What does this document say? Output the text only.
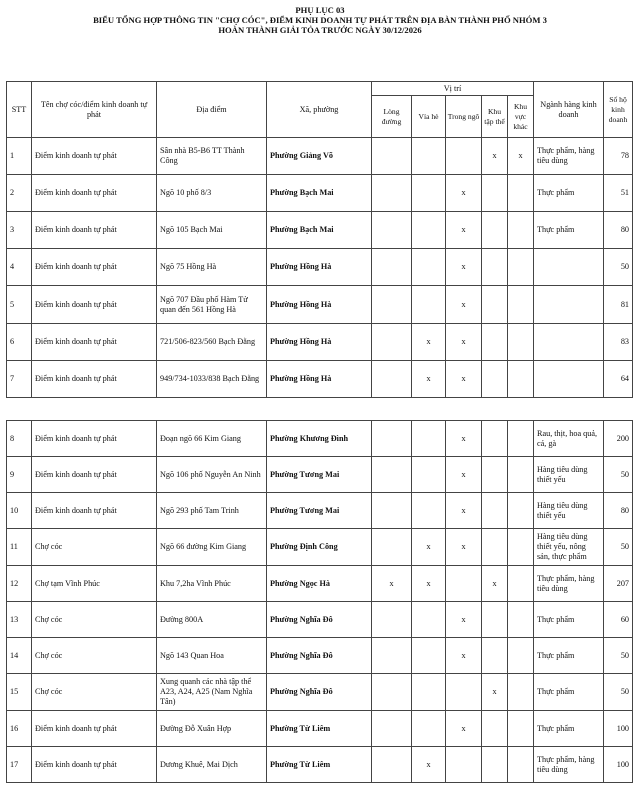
PHỤ LỤC 03
BIỂU TỔNG HỢP THÔNG TIN "CHỢ CÓC", ĐIỂM KINH DOANH TỰ PHÁT TRÊN ĐỊA BÀN THÀNH PHỐ NHÓM 3
HOÀN THÀNH GIẢI TỎA TRƯỚC NGÀY 30/12/2026
STT	Tên chợ cóc/điểm kinh doanh tự phát	Địa điểm	Xã, phường	Vị trí					Ngành hàng kinh doanh	Số hộ kinh doanh
				Lòng đường	Vỉa hè	Trong ngõ	Khu tập thể	Khu vực khác		
1	Điểm kinh doanh tự phát	Sân nhà B5-B6 TT Thành Công	Phường Giảng Võ				x	x	Thực phẩm, hàng tiêu dùng	78
2	Điểm kinh doanh tự phát	Ngõ 10 phố 8/3	Phường Bạch Mai			x			Thực phẩm	51
3	Điểm kinh doanh tự phát	Ngõ 105 Bạch Mai	Phường Bạch Mai			x			Thực phẩm	80
4	Điểm kinh doanh tự phát	Ngõ 75 Hồng Hà	Phường Hồng Hà			x				50
5	Điểm kinh doanh tự phát	Ngõ 707 Đầu phố Hàm Tử quan đến 561 Hồng Hà	Phường Hồng Hà			x				81
6	Điểm kinh doanh tự phát	721/506-823/560 Bạch Đằng	Phường Hồng Hà		x	x				83
7	Điểm kinh doanh tự phát	949/734-1033/838 Bạch Đằng	Phường Hồng Hà		x	x				64
8	Điểm kinh doanh tự phát	Đoạn ngõ 66 Kim Giang	Phường Khương Đình			x			Rau, thịt, hoa quả, cá, gà	200
9	Điểm kinh doanh tự phát	Ngõ 106 phố Nguyễn An Ninh	Phường Tương Mai			x			Hàng tiêu dùng thiết yếu	50
10	Điểm kinh doanh tự phát	Ngõ 293 phố Tam Trinh	Phường Tương Mai			x			Hàng tiêu dùng thiết yếu	80
11	Chợ cóc	Ngõ 66 đường Kim Giang	Phường Định Công		x	x			Hàng tiêu dùng thiết yếu, nông sản, thực phẩm	50
12	Chợ tạm Vĩnh Phúc	Khu 7,2ha Vĩnh Phúc	Phường Ngọc Hà	x	x		x		Thực phẩm, hàng tiêu dùng	207
13	Chợ cóc	Đường 800A	Phường Nghĩa Đô			x			Thực phẩm	60
14	Chợ cóc	Ngõ 143 Quan Hoa	Phường Nghĩa Đô			x			Thực phẩm	50
15	Chợ cóc	Xung quanh các nhà tập thể A23, A24, A25 (Nam Nghĩa Tân)	Phường Nghĩa Đô				x		Thực phẩm	50
16	Điểm kinh doanh tự phát	Đường Đỗ Xuân Hợp	Phường Từ Liêm			x			Thực phẩm	100
17	Điểm kinh doanh tự phát	Dương Khuê, Mai Dịch	Phường Từ Liêm		x				Thực phẩm, hàng tiêu dùng	100
